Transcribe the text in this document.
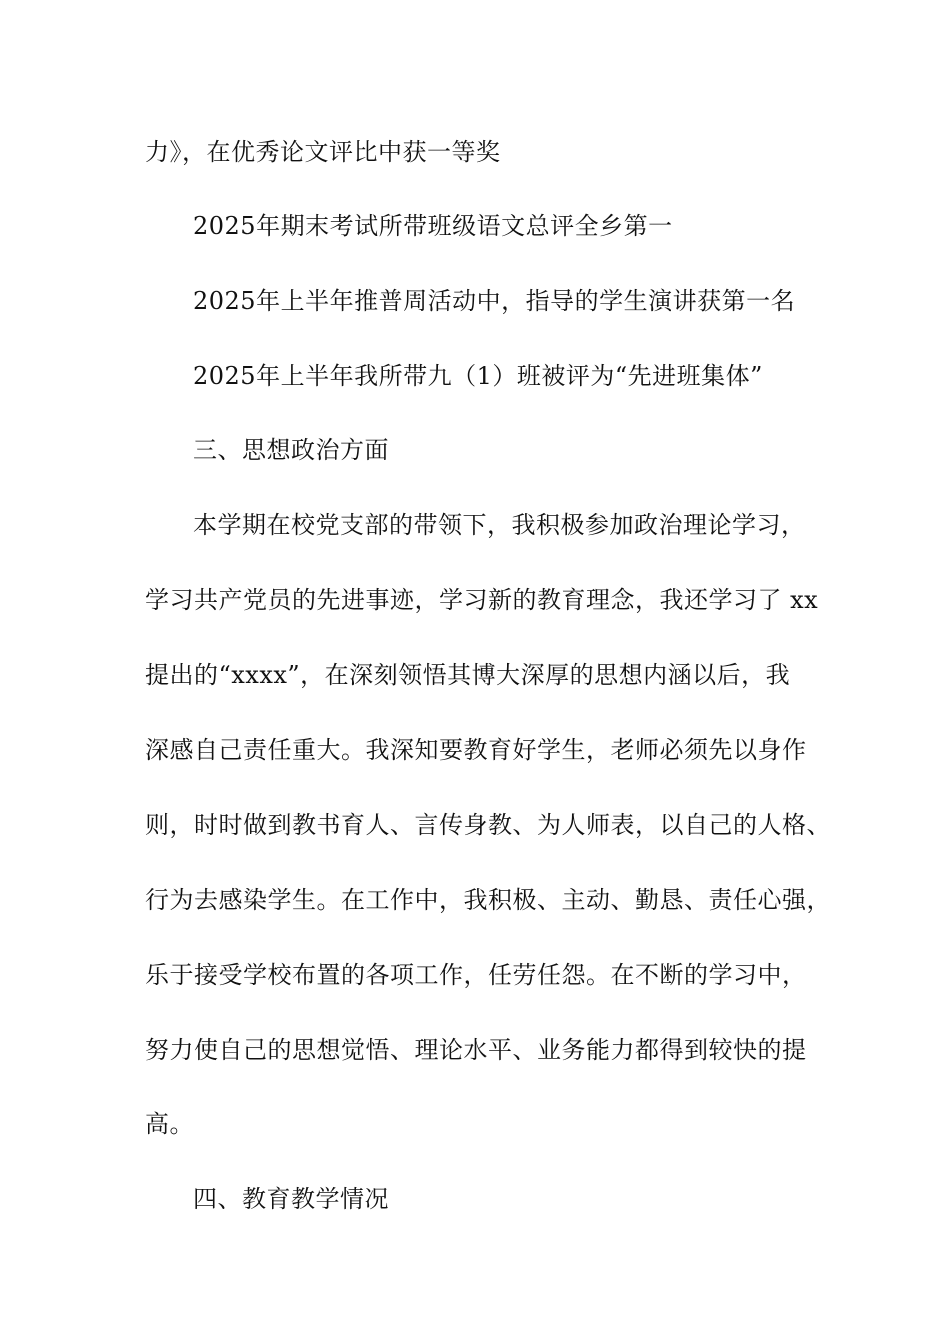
力》，在优秀论文评比中获一等奖
2025年期末考试所带班级语文总评全乡第一
2025年上半年推普周活动中，指导的学生演讲获第一名
2025年上半年我所带九（1）班被评为“先进班集体”
三、思想政治方面
本学期在校党支部的带领下，我积极参加政治理论学习，
学习共产党员的先进事迹，学习新的教育理念，我还学习了 xx
提出的“xxxx”，在深刻领悟其博大深厚的思想内涵以后，我
深感自己责任重大。我深知要教育好学生，老师必须先以身作
则，时时做到教书育人、言传身教、为人师表，以自己的人格、
行为去感染学生。在工作中，我积极、主动、勤恳、责任心强，
乐于接受学校布置的各项工作，任劳任怨。在不断的学习中，
努力使自己的思想觉悟、理论水平、业务能力都得到较快的提
高。
四、教育教学情况
